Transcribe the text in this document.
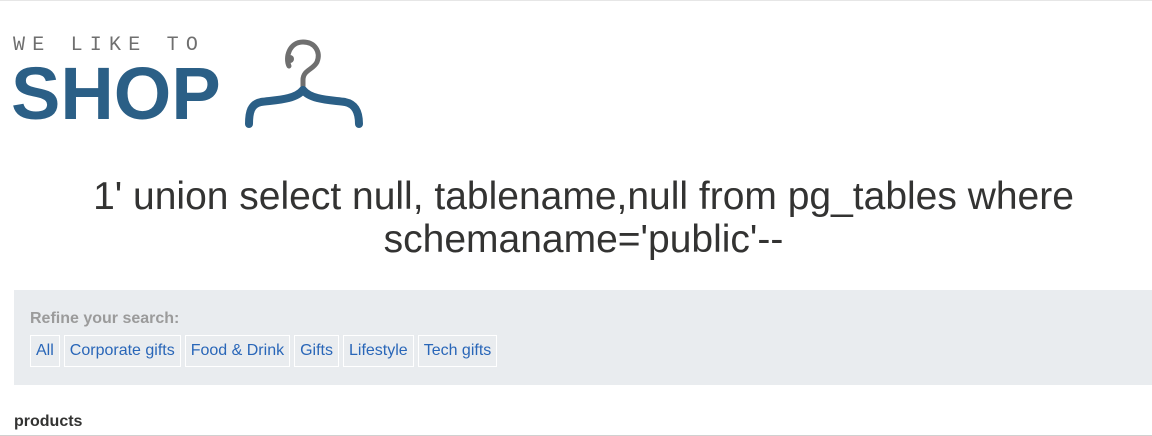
WE LIKE TO
SHOP
1' union select null, tablename,null from pg_tables where schemaname='public'--

Refine your search:

All	Corporate gifts	Food & Drink	Gifts	Lifestyle	Tech gifts
products
